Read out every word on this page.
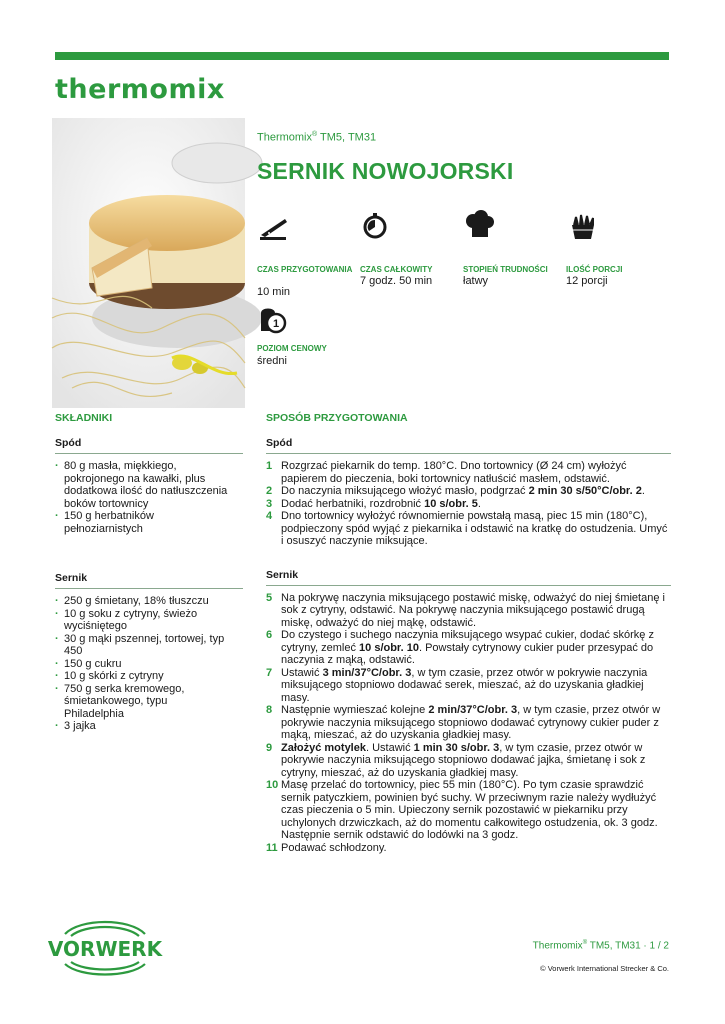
thermomix
Thermomix® TM5, TM31
SERNIK NOWOJORSKI
CZAS PRZYGOTOWANIA
10 min
CZAS CAŁKOWITY
7 godz. 50 min
STOPIEŃ TRUDNOŚCI
łatwy
ILOŚĆ PORCJI
12 porcji
1
POZIOM CENOWY
średni
SKŁADNIKI
Spód
· 80 g masła, miękkiego, pokrojonego na kawałki, plus dodatkowa ilość do natłuszczenia boków tortownicy
· 150 g herbatników pełnoziarnistych
Sernik
· 250 g śmietany, 18% tłuszczu
· 10 g soku z cytryny, świeżo wyciśniętego
· 30 g mąki pszennej, tortowej, typ 450
· 150 g cukru
· 10 g skórki z cytryny
· 750 g serka kremowego, śmietankowego, typu Philadelphia
· 3 jajka
SPOSÓB PRZYGOTOWANIA
Spód
1 Rozgrzać piekarnik do temp. 180°C. Dno tortownicy (Ø 24 cm) wyłożyć papierem do pieczenia, boki tortownicy natłuścić masłem, odstawić.
2 Do naczynia miksującego włożyć masło, podgrzać 2 min 30 s/50°C/obr. 2.
3 Dodać herbatniki, rozdrobnić 10 s/obr. 5.
4 Dno tortownicy wyłożyć równomiernie powstałą masą, piec 15 min (180°C), podpieczony spód wyjąć z piekarnika i odstawić na kratkę do ostudzenia. Umyć i osuszyć naczynie miksujące.
Sernik
5 Na pokrywę naczynia miksującego postawić miskę, odważyć do niej śmietanę i sok z cytryny, odstawić. Na pokrywę naczynia miksującego postawić drugą miskę, odważyć do niej mąkę, odstawić.
6 Do czystego i suchego naczynia miksującego wsypać cukier, dodać skórkę z cytryny, zemleć 10 s/obr. 10. Powstały cytrynowy cukier puder przesypać do naczynia z mąką, odstawić.
7 Ustawić 3 min/37°C/obr. 3, w tym czasie, przez otwór w pokrywie naczynia miksującego stopniowo dodawać serek, mieszać, aż do uzyskania gładkiej masy.
8 Następnie wymieszać kolejne 2 min/37°C/obr. 3, w tym czasie, przez otwór w pokrywie naczynia miksującego stopniowo dodawać cytrynowy cukier puder z mąką, mieszać, aż do uzyskania gładkiej masy.
9 Założyć motylek. Ustawić 1 min 30 s/obr. 3, w tym czasie, przez otwór w pokrywie naczynia miksującego stopniowo dodawać jajka, śmietanę i sok z cytryny, mieszać, aż do uzyskania gładkiej masy.
10 Masę przelać do tortownicy, piec 55 min (180°C). Po tym czasie sprawdzić sernik patyczkiem, powinien być suchy. W przeciwnym razie należy wydłużyć czas pieczenia o 5 min. Upieczony sernik pozostawić w piekarniku przy uchylonych drzwiczkach, aż do momentu całkowitego ostudzenia, ok. 3 godz. Następnie sernik odstawić do lodówki na 3 godz.
11 Podawać schłodzony.
VORWERK	Thermomix® TM5, TM31 · 1 / 2
© Vorwerk International Strecker & Co.
